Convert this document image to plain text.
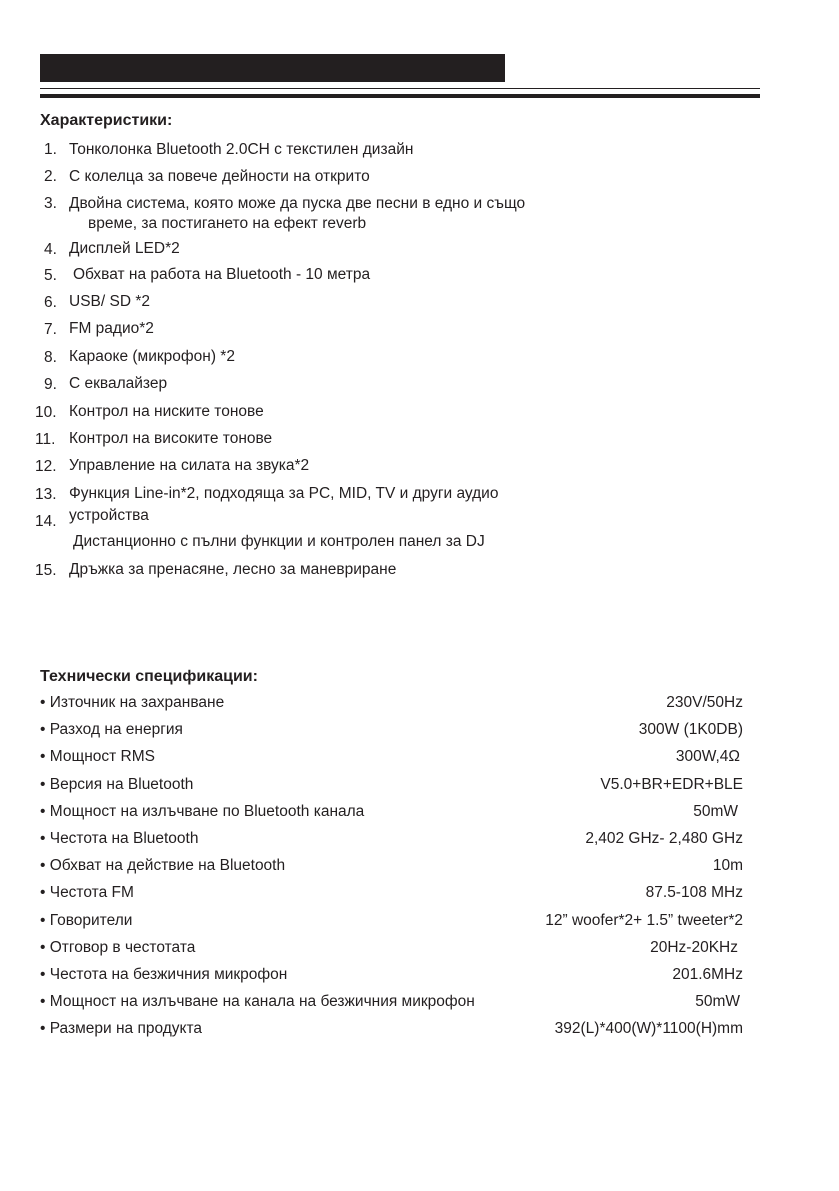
Характеристики:
1. Тонколонка Bluetooth 2.0CH с текстилен дизайн
2. С колелца за повече дейности на открито
3. Двойна система, която може да пуска две песни в едно и също
време, за постигането на ефект reverb
4. Дисплей LED*2
5. Обхват на работа на Bluetooth - 10 метра
6. USB/ SD *2
7. FM радио*2
8. Караоке (микрофон) *2
9. С еквалайзер
10. Контрол на ниските тонове
11. Контрол на високите тонове
12. Управление на силата на звука*2
13. Функция Line-in*2, подходяща за PC, MID, TV и други аудио
устройства
14.
Дистанционно с пълни функции и контролен панел за DJ
15. Дръжка за пренасяне, лесно за маневриране
Технически спецификации:
• Източник на захранване	230V/50Hz
• Разход на енергия	300W (1K0DB)
• Мощност RMS	300W,4Ω
• Версия на Bluetooth	V5.0+BR+EDR+BLE
• Мощност на излъчване по Bluetooth канала	50mW
• Честота на Bluetooth	2,402 GHz- 2,480 GHz
• Обхват на действие на Bluetooth	10m
• Честота FM	87.5-108 MHz
• Говорители	12” woofer*2+ 1.5” tweeter*2
• Отговор в честотата	20Hz-20KHz
• Честота на безжичния микрофон	201.6MHz
• Мощност на излъчване на канала на безжичния микрофон	50mW
• Размери на продукта	392(L)*400(W)*1100(H)mm
